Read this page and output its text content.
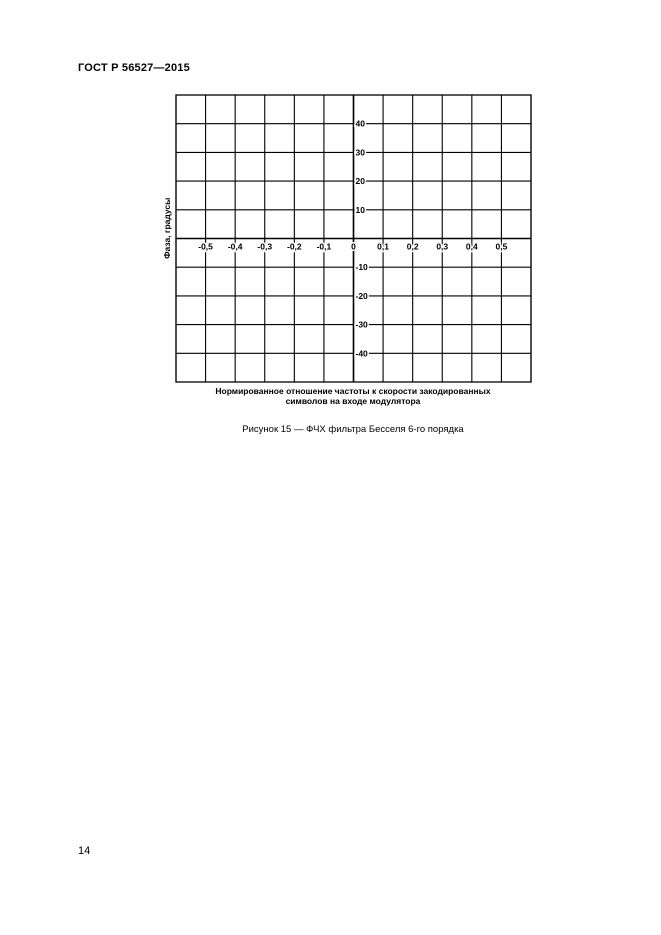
ГОСТ Р 56527—2015
-0,5 -0,4 -0,3 -0,2 -0,1 0	0,1 0,2 0,3 0,4 0,5
40
30
20
10
-10
-20
-30
-40
Фаза, градусы
Нормированное отношение частоты к скорости закодированных
символов на входе модулятора
Рисунок 15 — ФЧХ фильтра Бесселя 6-го порядка
14
